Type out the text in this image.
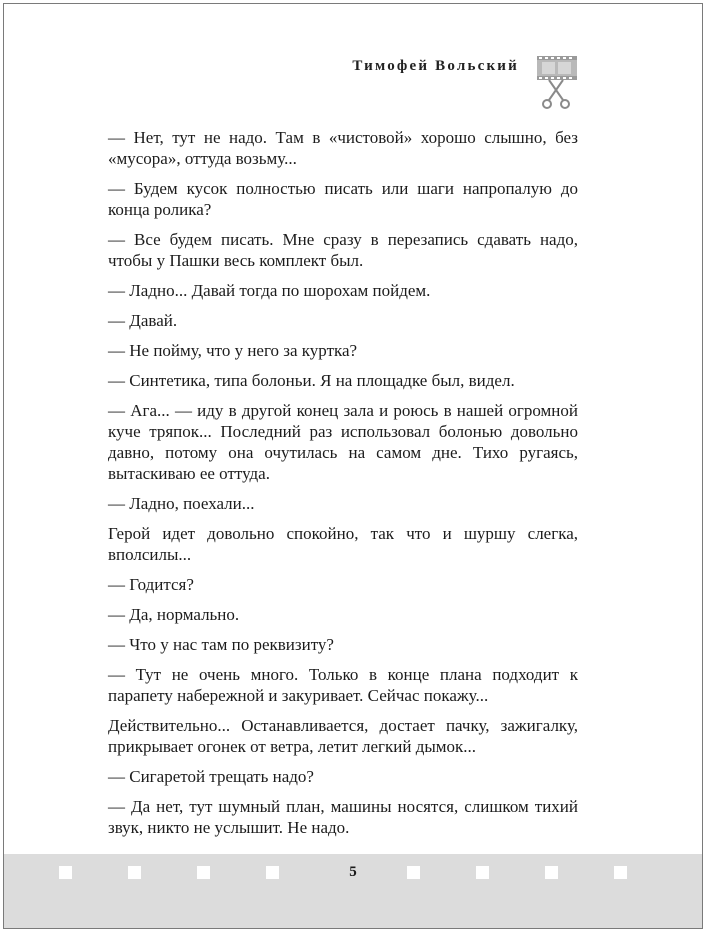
Тимофей Вольский

— Нет, тут не надо. Там в «чистовой» хорошо слышно, без «мусора», оттуда возьму...

— Будем кусок полностью писать или шаги напропалую до конца ролика?

— Все будем писать. Мне сразу в перезапись сдавать надо, чтобы у Пашки весь комплект был.

— Ладно... Давай тогда по шорохам пойдем.

— Давай.

— Не пойму, что у него за куртка?

— Синтетика, типа болоньи. Я на площадке был, видел.

— Ага... — иду в другой конец зала и роюсь в нашей огромной куче тряпок... Последний раз использовал болонью довольно давно, потому она очутилась на самом дне. Тихо ругаясь, вытаскиваю ее оттуда.

— Ладно, поехали...

Герой идет довольно спокойно, так что и шуршу слегка, вполсилы...

— Годится?

— Да, нормально.

— Что у нас там по реквизиту?

— Тут не очень много. Только в конце плана подходит к парапету набережной и закуривает. Сейчас покажу...

Действительно... Останавливается, достает пачку, зажигалку, прикрывает огонек от ветра, летит легкий дымок...

— Сигаретой трещать надо?

— Да нет, тут шумный план, машины носятся, слишком тихий звук, никто не услышит. Не надо.

5
